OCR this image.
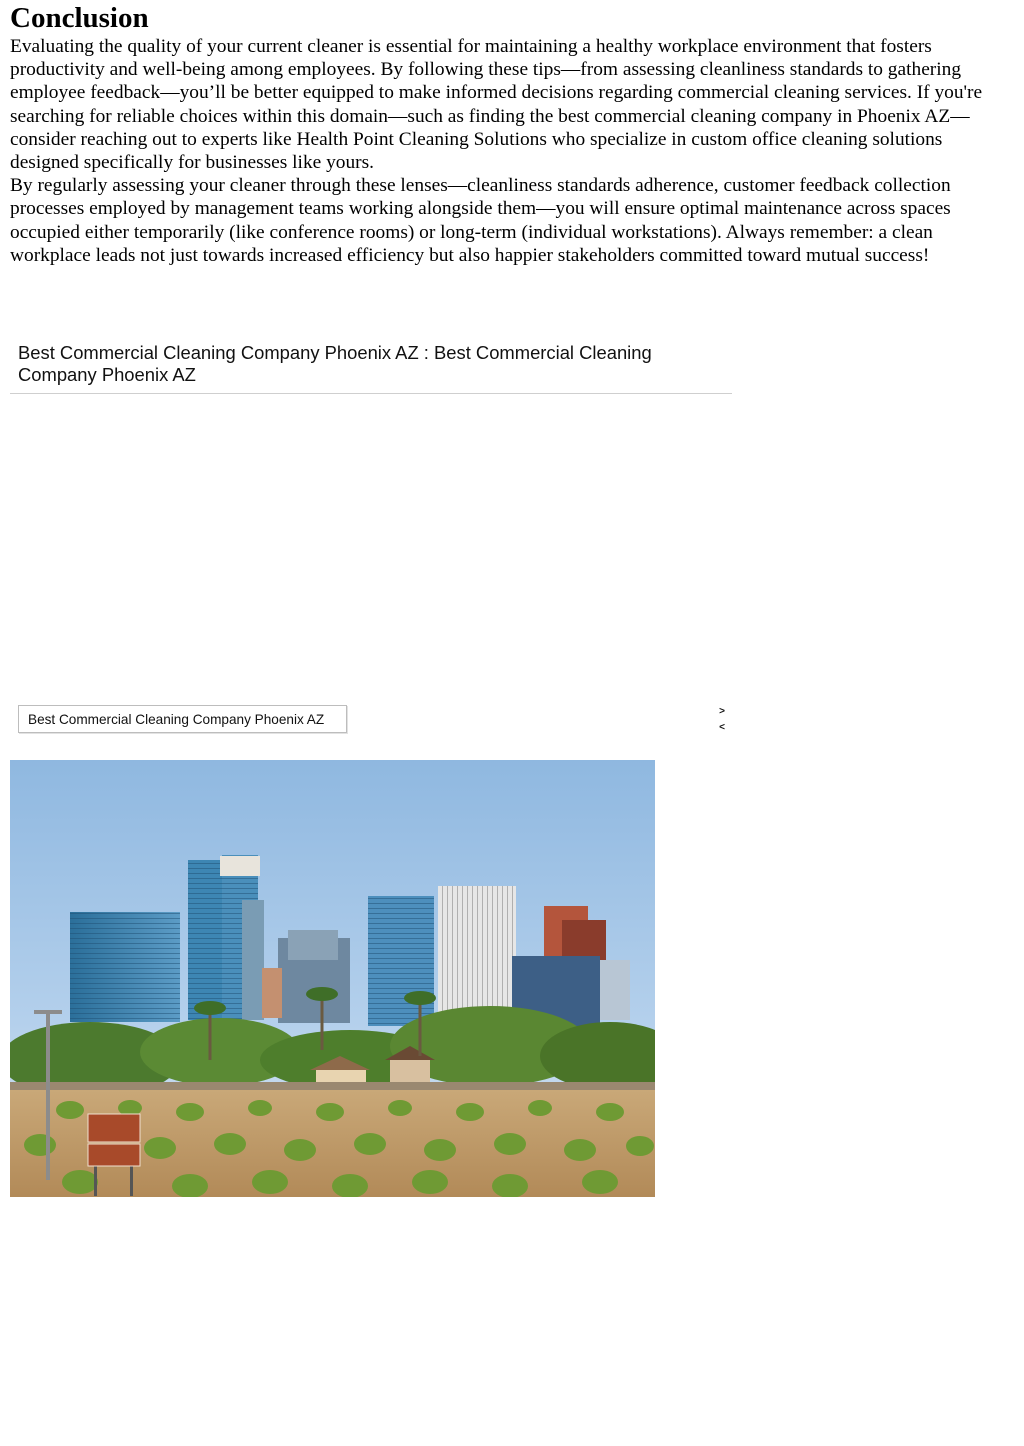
Conclusion

Evaluating the quality of your current cleaner is essential for maintaining a healthy workplace environment that fosters productivity and well-being among employees. By following these tips—from assessing cleanliness standards to gathering employee feedback—you’ll be better equipped to make informed decisions regarding commercial cleaning services. If you're searching for reliable choices within this domain—such as finding the best commercial cleaning company in Phoenix AZ—consider reaching out to experts like Health Point Cleaning Solutions who specialize in custom office cleaning solutions designed specifically for businesses like yours.

By regularly assessing your cleaner through these lenses—cleanliness standards adherence, customer feedback collection processes employed by management teams working alongside them—you will ensure optimal maintenance across spaces occupied either temporarily (like conference rooms) or long-term (individual workstations). Always remember: a clean workplace leads not just towards increased efficiency but also happier stakeholders committed toward mutual success!

Best Commercial Cleaning Company Phoenix AZ : Best Commercial Cleaning Company Phoenix AZ
Best Commercial Cleaning Company Phoenix AZ
>
<
